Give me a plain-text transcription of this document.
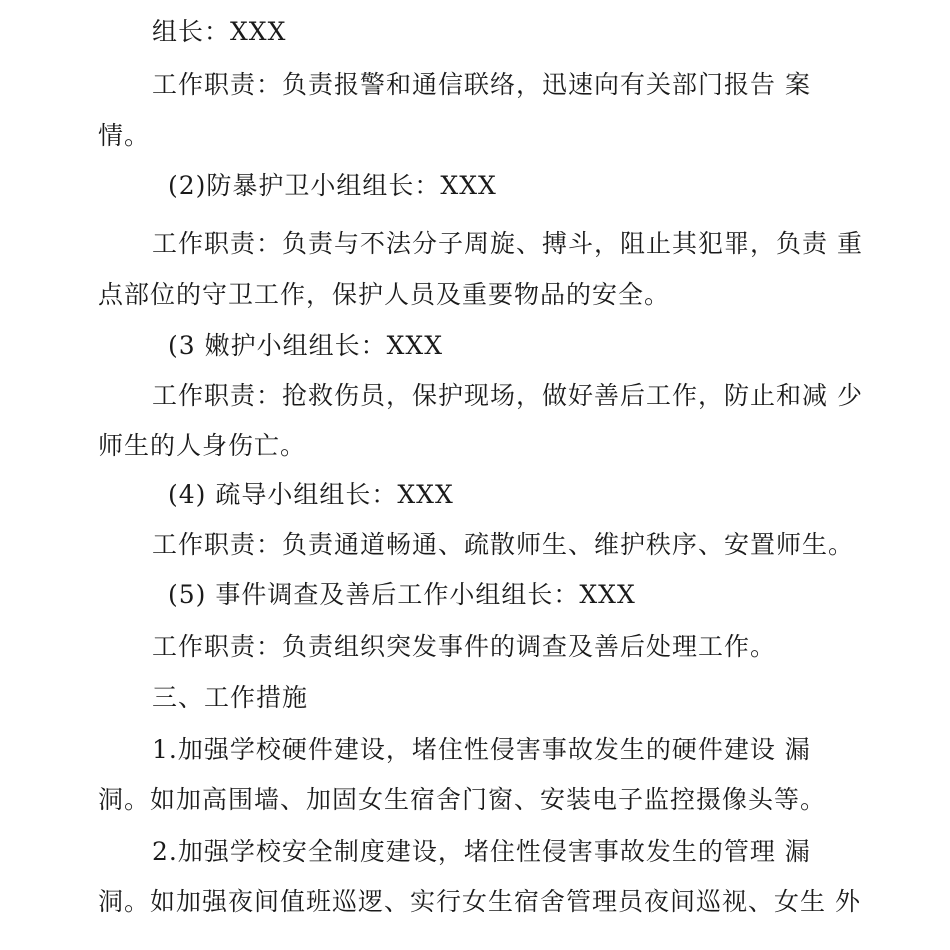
组长：XXX

工作职责：负责报警和通信联络，迅速向有关部门报告 案

情。

(2)防暴护卫小组组长：XXX

工作职责：负责与不法分子周旋、搏斗，阻止其犯罪，负责 重

点部位的守卫工作，保护人员及重要物品的安全。

(3 嫩护小组组长：XXX

工作职责：抢救伤员，保护现场，做好善后工作，防止和减 少

师生的人身伤亡。

(4) 疏导小组组长：XXX

工作职责：负责通道畅通、疏散师生、维护秩序、安置师生。

(5) 事件调查及善后工作小组组长：XXX

工作职责：负责组织突发事件的调查及善后处理工作。

三、工作措施

1.加强学校硬件建设，堵住性侵害事故发生的硬件建设 漏

洞。如加高围墙、加固女生宿舍门窗、安装电子监控摄像头等。

2.加强学校安全制度建设，堵住性侵害事故发生的管理 漏

洞。如加强夜间值班巡逻、实行女生宿舍管理员夜间巡视、女生 外
